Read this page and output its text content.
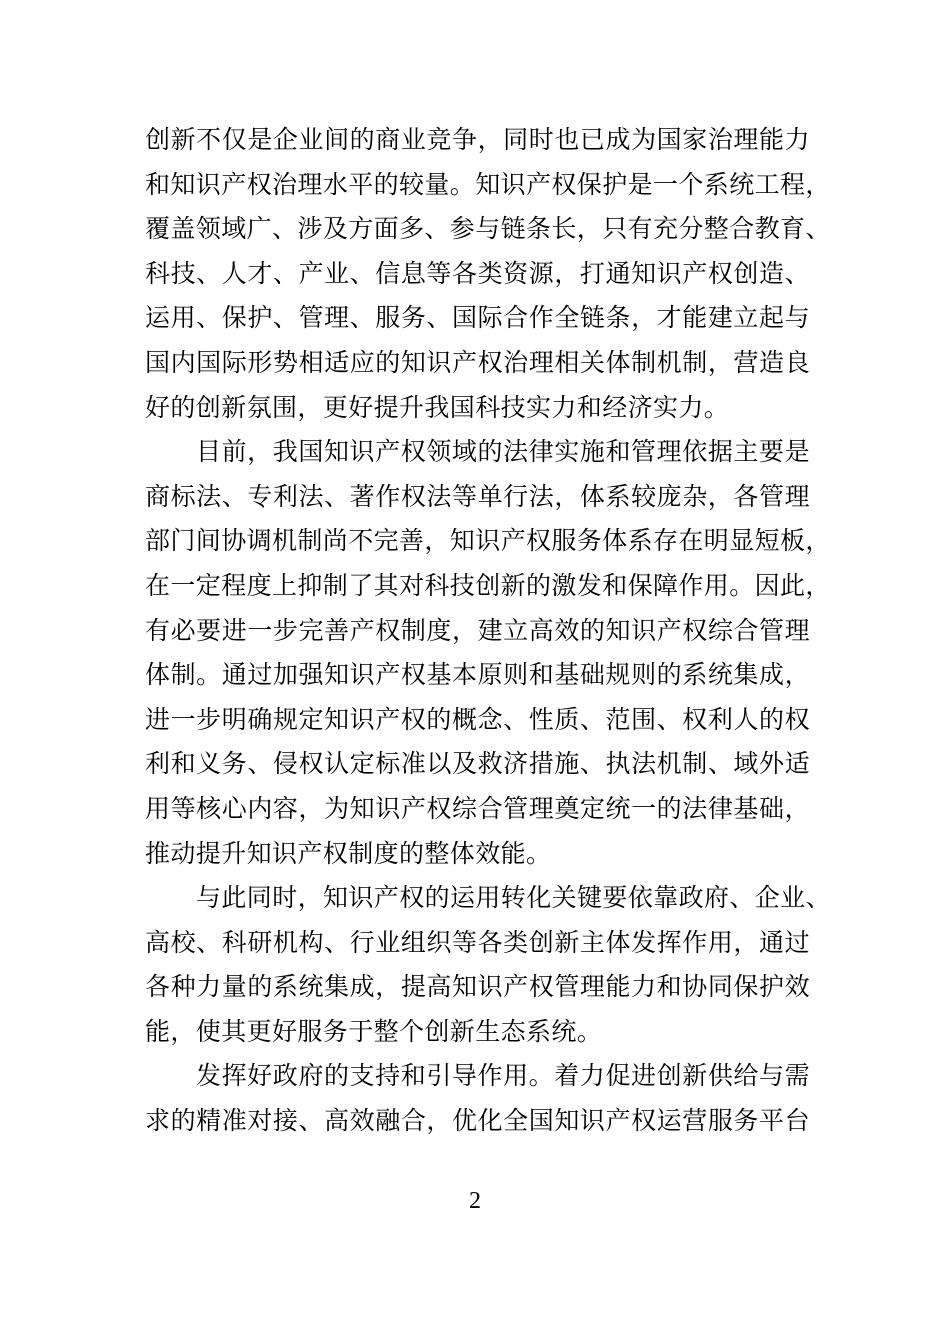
创新不仅是企业间的商业竞争，同时也已成为国家治理能力
和知识产权治理水平的较量。知识产权保护是一个系统工程，
覆盖领域广、涉及方面多、参与链条长，只有充分整合教育、
科技、人才、产业、信息等各类资源，打通知识产权创造、
运用、保护、管理、服务、国际合作全链条，才能建立起与
国内国际形势相适应的知识产权治理相关体制机制，营造良
好的创新氛围，更好提升我国科技实力和经济实力。
目前，我国知识产权领域的法律实施和管理依据主要是
商标法、专利法、著作权法等单行法，体系较庞杂，各管理
部门间协调机制尚不完善，知识产权服务体系存在明显短板，
在一定程度上抑制了其对科技创新的激发和保障作用。因此，
有必要进一步完善产权制度，建立高效的知识产权综合管理
体制。通过加强知识产权基本原则和基础规则的系统集成，
进一步明确规定知识产权的概念、性质、范围、权利人的权
利和义务、侵权认定标准以及救济措施、执法机制、域外适
用等核心内容，为知识产权综合管理奠定统一的法律基础，
推动提升知识产权制度的整体效能。
与此同时，知识产权的运用转化关键要依靠政府、企业、
高校、科研机构、行业组织等各类创新主体发挥作用，通过
各种力量的系统集成，提高知识产权管理能力和协同保护效
能，使其更好服务于整个创新生态系统。
发挥好政府的支持和引导作用。着力促进创新供给与需
求的精准对接、高效融合，优化全国知识产权运营服务平台
2
